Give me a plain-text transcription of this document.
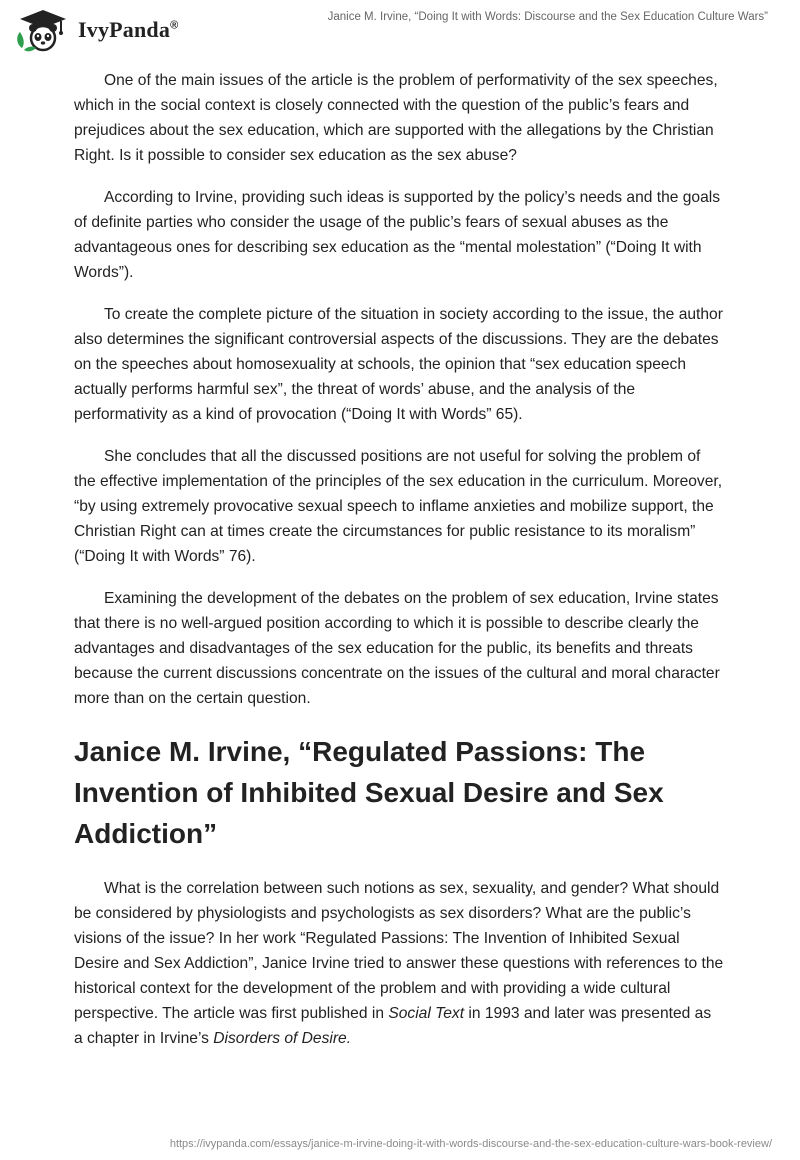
IvyPanda®
Janice M. Irvine, “Doing It with Words: Discourse and the Sex Education Culture Wars”

One of the main issues of the article is the problem of performativity of the sex speeches, which in the social context is closely connected with the question of the public’s fears and prejudices about the sex education, which are supported with the allegations by the Christian Right. Is it possible to consider sex education as the sex abuse?

According to Irvine, providing such ideas is supported by the policy’s needs and the goals of definite parties who consider the usage of the public’s fears of sexual abuses as the advantageous ones for describing sex education as the “mental molestation” (“Doing It with Words”).

To create the complete picture of the situation in society according to the issue, the author also determines the significant controversial aspects of the discussions. They are the debates on the speeches about homosexuality at schools, the opinion that “sex education speech actually performs harmful sex”, the threat of words’ abuse, and the analysis of the performativity as a kind of provocation (“Doing It with Words” 65).

She concludes that all the discussed positions are not useful for solving the problem of the effective implementation of the principles of the sex education in the curriculum. Moreover, “by using extremely provocative sexual speech to inflame anxieties and mobilize support, the Christian Right can at times create the circumstances for public resistance to its moralism” (“Doing It with Words” 76).

Examining the development of the debates on the problem of sex education, Irvine states that there is no well-argued position according to which it is possible to describe clearly the advantages and disadvantages of the sex education for the public, its benefits and threats because the current discussions concentrate on the issues of the cultural and moral character more than on the certain question.

Janice M. Irvine, “Regulated Passions: The Invention of Inhibited Sexual Desire and Sex Addiction”

What is the correlation between such notions as sex, sexuality, and gender? What should be considered by physiologists and psychologists as sex disorders? What are the public’s visions of the issue? In her work “Regulated Passions: The Invention of Inhibited Sexual Desire and Sex Addiction”, Janice Irvine tried to answer these questions with references to the historical context for the development of the problem and with providing a wide cultural perspective. The article was first published in Social Text in 1993 and later was presented as a chapter in Irvine’s Disorders of Desire.

https://ivypanda.com/essays/janice-m-irvine-doing-it-with-words-discourse-and-the-sex-education-culture-wars-book-review/
